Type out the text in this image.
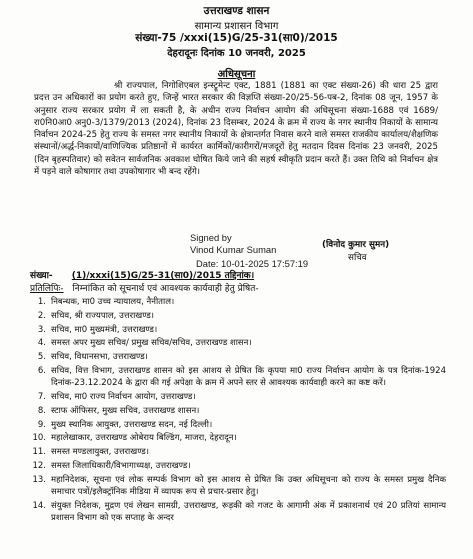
उत्तराखण्ड शासन
सामान्य प्रशासन विभाग
संख्या-75 /xxxi(15)G/25-31(सा0)/2015
देहरादूनः दिनांक 10 जनवरी, 2025
अधिसूचना

श्री राज्यपाल, निगोशिएबल इन्स्ट्रूमेन्ट एक्ट, 1881 (1881 का एक्ट संख्या-26) की धारा 25 द्वारा प्रदत्त उन अधिकारों का प्रयोग करते हुए, जिन्हें भारत सरकार की विज्ञप्ति संख्या-20/25-56-पब-2, दिनांक 08 जून, 1957 के अनुसार राज्य सरकार प्रयोग में ला सकती है, के अधीन राज्य निर्वाचन आयोग की अधिसूचना संख्या-1688 एवं 1689/रा0नि0आ0 अनु0-3/1379/2013 (2024), दिनांक 23 दिसम्बर, 2024 के क्रम में राज्य के नगर स्थानीय निकायों के सामान्य निर्वाचन 2024-25 हेतु राज्य के समस्त नगर स्थानीय निकायों के क्षेत्रान्तर्गत निवास करने वाले समस्त राजकीय कार्यालय/शैक्षणिक संस्थानों/अर्द्ध-निकायों/वाणिज्यिक प्रतिष्ठानों में कार्यरत कार्मिकों/कारीगरों/मजदूरों हेतु मतदान दिवस दिनांक 23 जनवरी, 2025 (दिन बृहस्पतिवार) को सवेतन सार्वजनिक अवकाश घोषित किये जाने की सहर्ष स्वीकृति प्रदान करते हैं। उक्त तिथि को निर्वाचन क्षेत्र में पड़ने वाले कोषागार तथा उपकोषागार भी बन्द रहेंगे।

Signed by
Vinod Kumar Suman
Date: 10-01-2025 17:57:19
(विनोद कुमार सुमन)
सचिव
संख्या- (1)/xxxi(15)G/25-31(सा0)/2015 तद्दिनांक।
प्रतिलिपिः- निम्नांकित को सूचनार्थ एवं आवश्यक कार्यवाही हेतु प्रेषित-
1. निबन्धक, मा0 उच्च न्यायालय, नैनीताल।
2. सचिव, श्री राज्यपाल, उत्तराखण्ड।
3. सचिव, मा0 मुख्यमंत्री, उत्तराखण्ड।
4. समस्त अपर मुख्य सचिव/ प्रमुख सचिव/सचिव, उत्तराखण्ड शासन।
5. सचिव, विधानसभा, उत्तराखण्ड।
6. सचिव, वित्त विभाग, उत्तराखण्ड शासन को इस आशय से प्रेषित कि कृपया मा0 राज्य निर्वाचन आयोग के पत्र दिनांक-1924 दिनांक-23.12.2024 के द्वारा की गई अपेक्षा के क्रम में अपने स्तर से आवश्यक कार्यवाही करने का कष्ट करें।
7. सचिव, मा0 राज्य निर्वाचन आयोग, उत्तराखण्ड।
8. स्टाफ ऑफिसर, मुख्य सचिव, उत्तराखण्ड शासन।
9. मुख्य स्थानिक आयुक्त, उत्तराखण्ड सदन, नई दिल्ली।
10. महालेखाकार, उत्तराखण्ड ओबेराय बिल्डिंग, माजरा, देहरादून।
11. समस्त मण्डलायुक्त, उत्तराखण्ड।
12. समस्त जिलाधिकारी/विभागाध्यक्ष, उत्तराखण्ड।
13. महानिदेशक, सूचना एवं लोक सम्पर्क विभाग को इस आशय से प्रेषित कि उक्त अधिसूचना को राज्य के समस्त प्रमुख दैनिक समाचार पत्रों/इलैक्ट्रॉनिक मीडिया में व्यापक रूप से प्रचार-प्रसार हेतु।
14. संयुक्त निदेशक, मुद्रण एवं लेखन सामग्री, उत्तराखण्ड, रूड़की को गजट के आगामी अंक में प्रकाशनार्थ एवं 20 प्रतियां सामान्य प्रशासन विभाग को एक सप्ताह के अन्दर
